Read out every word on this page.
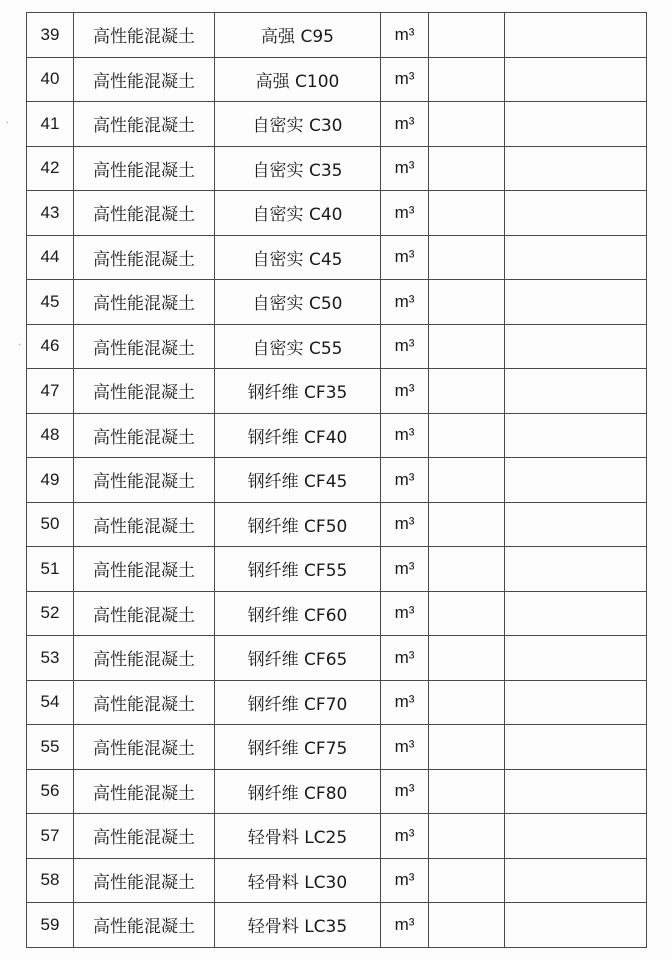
·
·
39	高性能混凝土	高强 C95	m³		
40	高性能混凝土	高强 C100	m³		
41	高性能混凝土	自密实 C30	m³		
42	高性能混凝土	自密实 C35	m³		
43	高性能混凝土	自密实 C40	m³		
44	高性能混凝土	自密实 C45	m³		
45	高性能混凝土	自密实 C50	m³		
46	高性能混凝土	自密实 C55	m³		
47	高性能混凝土	钢纤维 CF35	m³		
48	高性能混凝土	钢纤维 CF40	m³		
49	高性能混凝土	钢纤维 CF45	m³		
50	高性能混凝土	钢纤维 CF50	m³		
51	高性能混凝土	钢纤维 CF55	m³		
52	高性能混凝土	钢纤维 CF60	m³		
53	高性能混凝土	钢纤维 CF65	m³		
54	高性能混凝土	钢纤维 CF70	m³		
55	高性能混凝土	钢纤维 CF75	m³		
56	高性能混凝土	钢纤维 CF80	m³		
57	高性能混凝土	轻骨料 LC25	m³		
58	高性能混凝土	轻骨料 LC30	m³		
59	高性能混凝土	轻骨料 LC35	m³		
